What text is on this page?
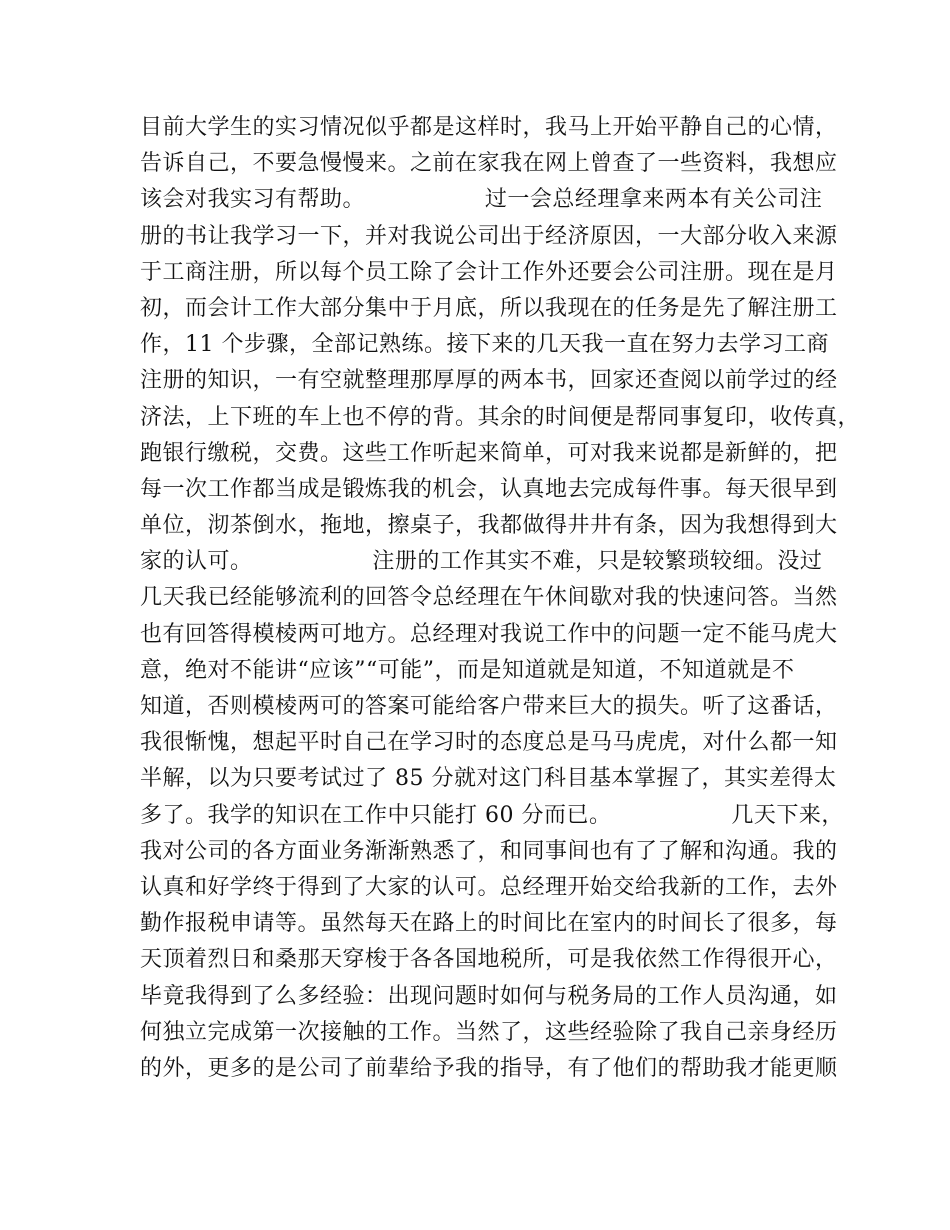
目前大学生的实习情况似乎都是这样时，我马上开始平静自己的心情，
告诉自己，不要急慢慢来。之前在家我在网上曾查了一些资料，我想应
该会对我实习有帮助。                过一会总经理拿来两本有关公司注
册的书让我学习一下，并对我说公司出于经济原因，一大部分收入来源
于工商注册，所以每个员工除了会计工作外还要会公司注册。现在是月
初，而会计工作大部分集中于月底，所以我现在的任务是先了解注册工
作，11 个步骤，全部记熟练。接下来的几天我一直在努力去学习工商
注册的知识，一有空就整理那厚厚的两本书，回家还查阅以前学过的经
济法，上下班的车上也不停的背。其余的时间便是帮同事复印，收传真，
跑银行缴税，交费。这些工作听起来简单，可对我来说都是新鲜的，把
每一次工作都当成是锻炼我的机会，认真地去完成每件事。每天很早到
单位，沏茶倒水，拖地，擦桌子，我都做得井井有条，因为我想得到大
家的认可。                注册的工作其实不难，只是较繁琐较细。没过
几天我已经能够流利的回答令总经理在午休间歇对我的快速问答。当然
也有回答得模棱两可地方。总经理对我说工作中的问题一定不能马虎大
意，绝对不能讲“应该”“可能”，而是知道就是知道，不知道就是不
知道，否则模棱两可的答案可能给客户带来巨大的损失。听了这番话，
我很惭愧，想起平时自己在学习时的态度总是马马虎虎，对什么都一知
半解，以为只要考试过了 85 分就对这门科目基本掌握了，其实差得太
多了。我学的知识在工作中只能打 60 分而已。                几天下来，
我对公司的各方面业务渐渐熟悉了，和同事间也有了了解和沟通。我的
认真和好学终于得到了大家的认可。总经理开始交给我新的工作，去外
勤作报税申请等。虽然每天在路上的时间比在室内的时间长了很多，每
天顶着烈日和桑那天穿梭于各各国地税所，可是我依然工作得很开心，
毕竟我得到了么多经验：出现问题时如何与税务局的工作人员沟通，如
何独立完成第一次接触的工作。当然了，这些经验除了我自己亲身经历
的外，更多的是公司了前辈给予我的指导，有了他们的帮助我才能更顺
